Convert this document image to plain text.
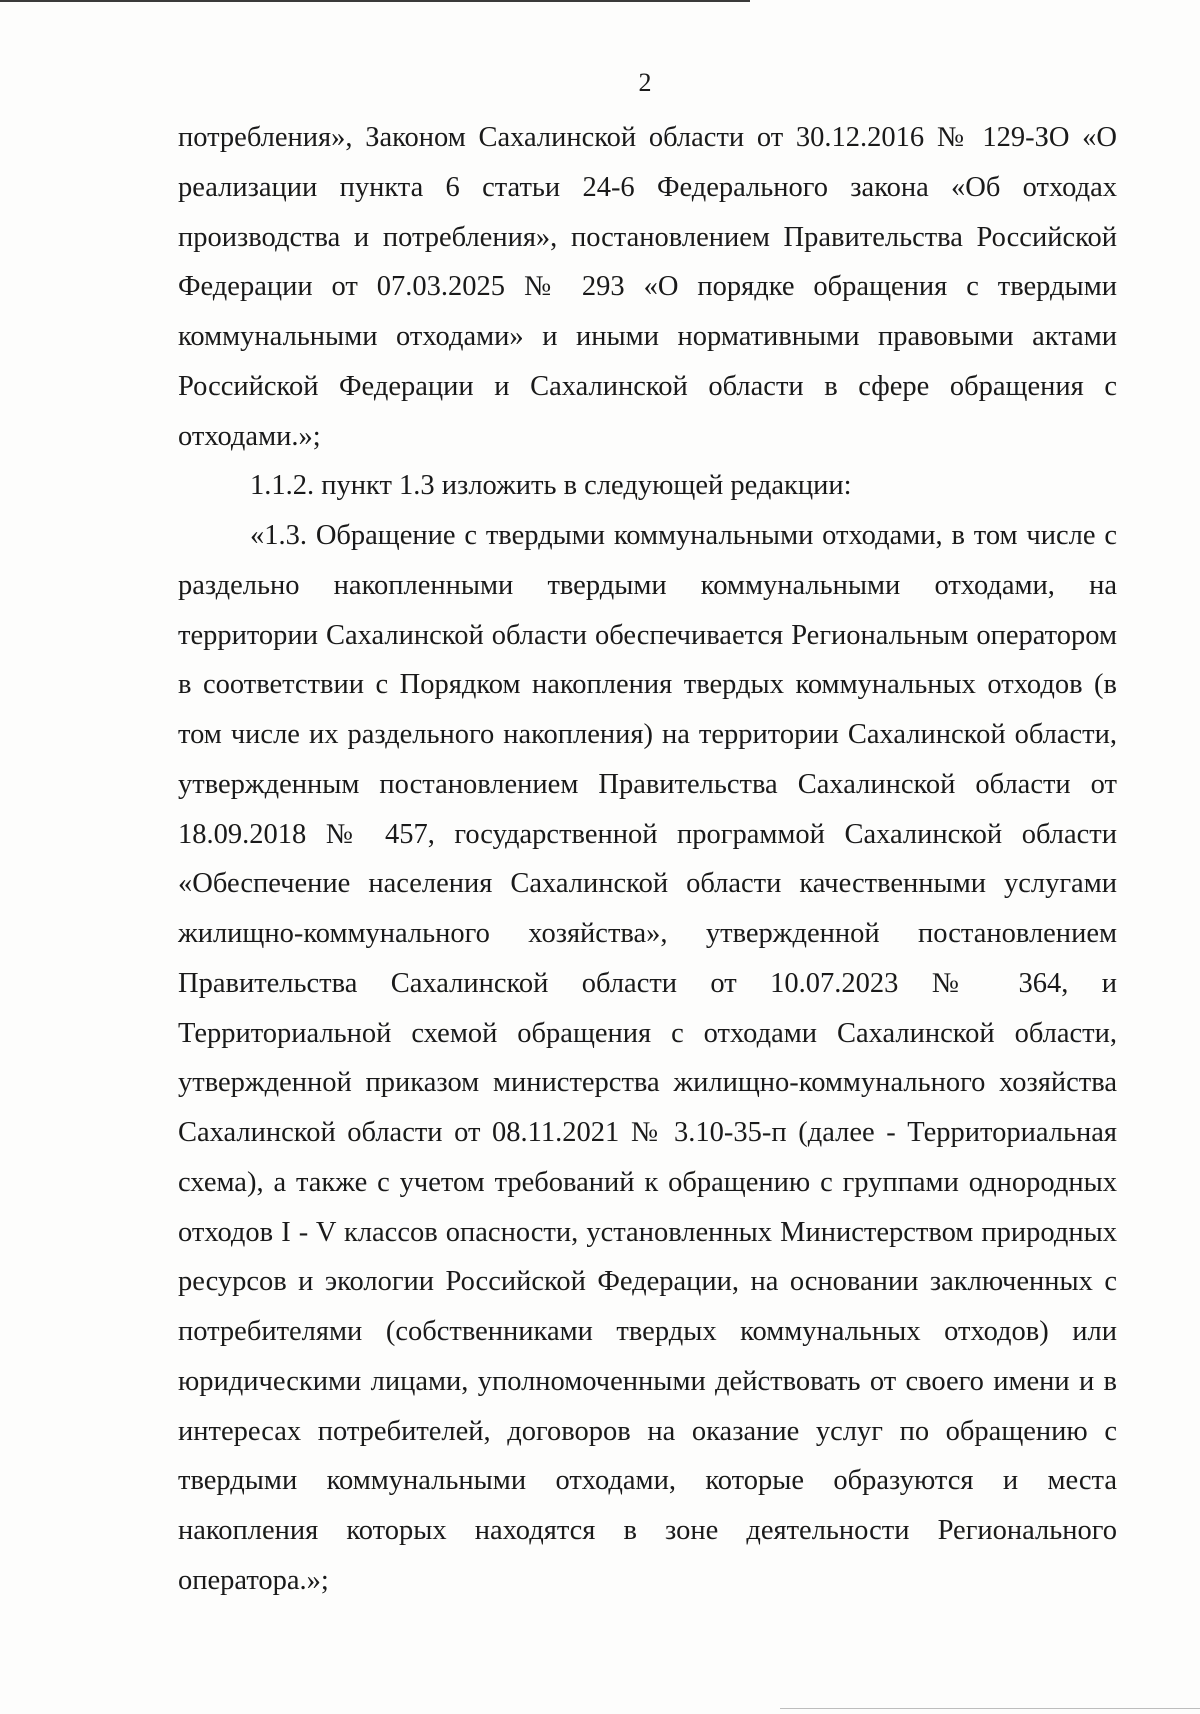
2

потребления», Законом Сахалинской области от 30.12.2016 № 129-ЗО «О реализации пункта 6 статьи 24-6 Федерального закона «Об отходах производства и потребления», постановлением Правительства Российской Федерации от 07.03.2025 № 293 «О порядке обращения с твердыми коммунальными отходами» и иными нормативными правовыми актами Российской Федерации и Сахалинской области в сфере обращения с отходами.»;

1.1.2. пункт 1.3 изложить в следующей редакции:

«1.3. Обращение с твердыми коммунальными отходами, в том числе с раздельно накопленными твердыми коммунальными отходами, на территории Сахалинской области обеспечивается Региональным оператором в соответствии с Порядком накопления твердых коммунальных отходов (в том числе их раздельного накопления) на территории Сахалинской области, утвержденным постановлением Правительства Сахалинской области от 18.09.2018 № 457, государственной программой Сахалинской области «Обеспечение населения Сахалинской области качественными услугами жилищно-коммунального хозяйства», утвержденной постановлением Правительства Сахалинской области от 10.07.2023 № 364, и Территориальной схемой обращения с отходами Сахалинской области, утвержденной приказом министерства жилищно-коммунального хозяйства Сахалинской области от 08.11.2021 № 3.10-35-п (далее - Территориальная схема), а также с учетом требований к обращению с группами однородных отходов I - V классов опасности, установленных Министерством природных ресурсов и экологии Российской Федерации, на основании заключенных с потребителями (собственниками твердых коммунальных отходов) или юридическими лицами, уполномоченными действовать от своего имени и в интересах потребителей, договоров на оказание услуг по обращению с твердыми коммунальными отходами, которые образуются и места накопления которых находятся в зоне деятельности Регионального оператора.»;
